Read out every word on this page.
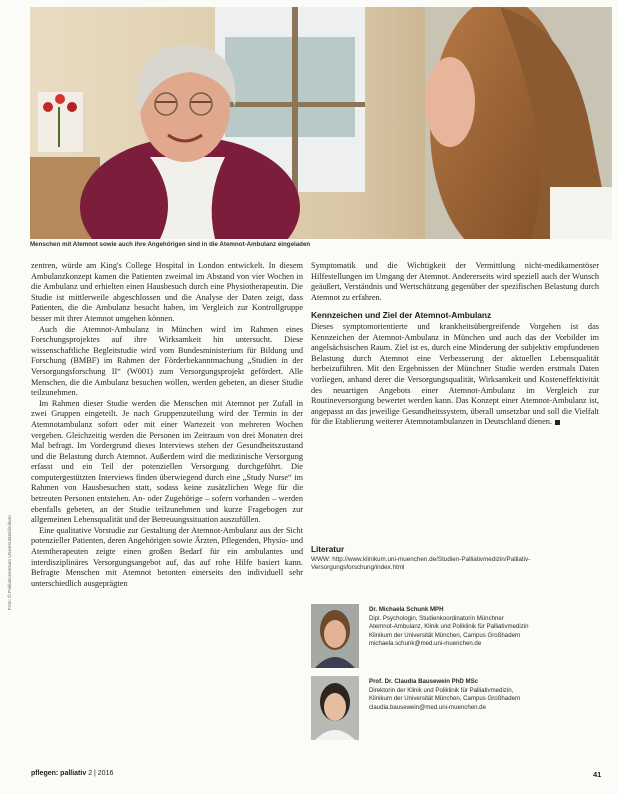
Menschen mit Atemnot sowie auch ihre Angehörigen sind in die Atemnot-Ambulanz eingeladen

zentren, würde am King's College Hospital in London entwickelt. In diesem Ambulanzkonzept kamen die Patienten zweimal im Abstand von vier Wochen in die Ambulanz und erhielten einen Hausbesuch durch eine Physiotherapeutin. Die Studie ist mittlerweile abgeschlossen und die Analyse der Daten zeigt, dass Patienten, die die Ambulanz besucht haben, im Vergleich zur Kontrollgruppe besser mit ihrer Atemnot umgehen können.

Auch die Atemnot-Ambulanz in München wird im Rahmen eines Forschungsprojektes auf ihre Wirksamkeit hin untersucht. Diese wissenschaftliche Begleitstudie wird vom Bundesministerium für Bildung und Forschung (BMBF) im Rahmen der Förderbekanntmachung „Studien in der Versorgungsforschung II“ (W001) zum Versorgungsprojekt gefördert. Alle Menschen, die die Ambulanz besuchen wollen, werden gebeten, an dieser Studie teilzunehmen.

Im Rahmen dieser Studie werden die Menschen mit Atemnot per Zufall in zwei Gruppen eingeteilt. Je nach Gruppenzuteilung wird der Termin in der Atemnotambulanz sofort oder mit einer Wartezeit von mehreren Wochen vergeben. Gleichzeitig werden die Personen im Zeitraum von drei Monaten drei Mal befragt. Im Vordergrund dieses Interviews stehen der Gesundheitszustand und die Belastung durch Atemnot. Außerdem wird die medizinische Versorgung erfasst und ein Teil der potenziellen Versorgung durchgeführt. Die computergestützten Interviews finden überwiegend durch eine „Study Nurse“ im Rahmen von Hausbesuchen statt, sodass keine zusätzlichen Wege für die betreuten Personen entstehen. An- oder Zugehörige – sofern vorhanden – werden ebenfalls gebeten, an der Studie teilzunehmen und kurze Fragebogen zur allgemeinen Lebensqualität und der Betreuungssituation auszufüllen.

Eine qualitative Vorstudie zur Gestaltung der Atemnot-Ambulanz aus der Sicht potenzieller Patienten, deren Angehörigen sowie Ärzten, Pflegenden, Physio- und Atemtherapeuten zeigte einen großen Bedarf für ein ambulantes und interdisziplinäres Versorgungsangebot auf, das auf rohe Hilfe basiert kann. Befragte Menschen mit Atemnot betonten einerseits den individuell sehr unterschiedlich ausgeprägten

Symptomatik und die Wichtigkeit der Vermittlung nicht-medikamentöser Hilfestellungen im Umgang der Atemnot. Andererseits wird speziell auch der Wunsch geäußert, Verständnis und Wertschätzung gegenüber der spezifischen Belastung durch Atemnot zu erfahren.

Kennzeichen und Ziel der Atemnot-Ambulanz

Dieses symptomorientierte und krankheitsübergreifende Vorgehen ist das Kennzeichen der Atemnot-Ambulanz in München und auch das der Vorbilder im angelsächsischen Raum. Ziel ist es, durch eine Minderung der subjektiv empfundenen Belastung durch Atemnot eine Verbesserung der aktuellen Lebensqualität herbeizuführen. Mit den Ergebnissen der Münchner Studie werden erstmals Daten vorliegen, anhand derer die Versorgungsqualität, Wirksamkeit und Kosteneffektivität des neuartigen Angebots einer Atemnot-Ambulanz im Vergleich zur Routineversorgung bewertet werden kann. Das Konzept einer Atemnot-Ambulanz ist, angepasst an das jeweilige Gesundheitssystem, überall umsetzbar und soll die Vielfalt für die Etablierung weiterer Atemnotambulanzen in Deutschland dienen.

Literatur
WWW: http://www.klinikum.uni-muenchen.de/Studien-Palliativmedizin/Palliativ-Versorgungsforschung/index.html
Dr. Michaela Schunk MPH
Dipl. Psychologin, Studienkoordinatorin Münchner
Atemnot-Ambulanz, Klinik und Poliklinik für Palliativmedizin
Klinikum der Universität München, Campus Großhadern
michaela.schunk@med.uni-muenchen.de
Prof. Dr. Claudia Bausewein PhD MSc
Direktorin der Klinik und Poliklinik für Palliativmedizin,
Klinikum der Universität München, Campus Großhadern
claudia.bausewein@med.uni-muenchen.de
Foto: © Palliativzentrum Universitätsklinikum
pflegen: palliativ 2 | 2016	41
